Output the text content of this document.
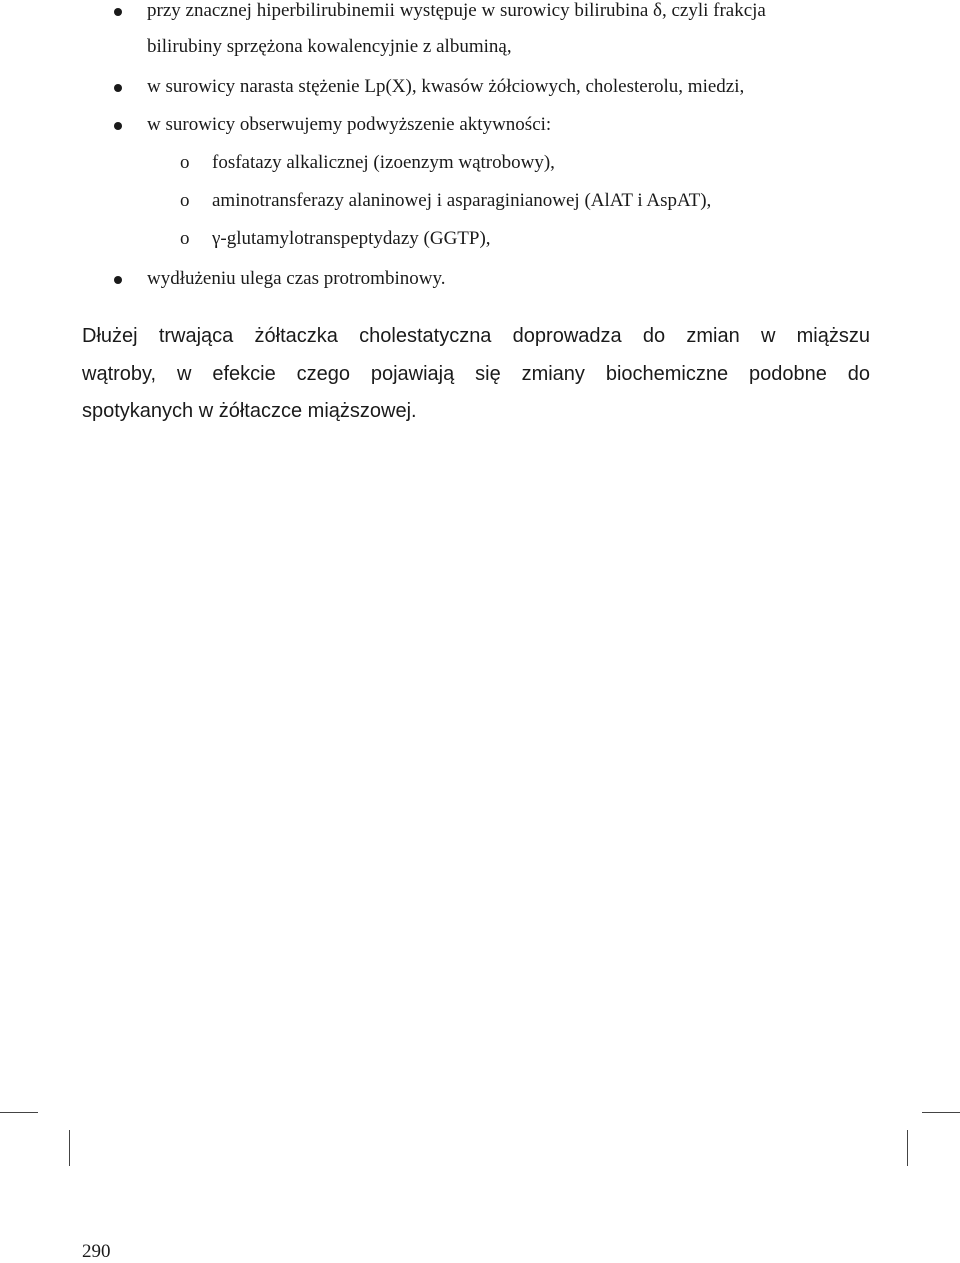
przy znacznej hiperbilirubinemii występuje w surowicy bilirubina δ, czyli frakcja
bilirubiny sprzężona kowalencyjnie z albuminą,
w surowicy narasta stężenie Lp(X), kwasów żółciowych, cholesterolu, miedzi,
w surowicy obserwujemy podwyższenie aktywności:
o fosfatazy alkalicznej (izoenzym wątrobowy),
o aminotransferazy alaninowej i asparaginianowej (AlAT i AspAT),
o γ-glutamylotranspeptydazy (GGTP),
wydłużeniu ulega czas protrombinowy.
Dłużej trwająca żółtaczka cholestatyczna doprowadza do zmian w miąższu
wątroby, w efekcie czego pojawiają się zmiany biochemiczne podobne do
spotykanych w żółtaczce miąższowej.
290
